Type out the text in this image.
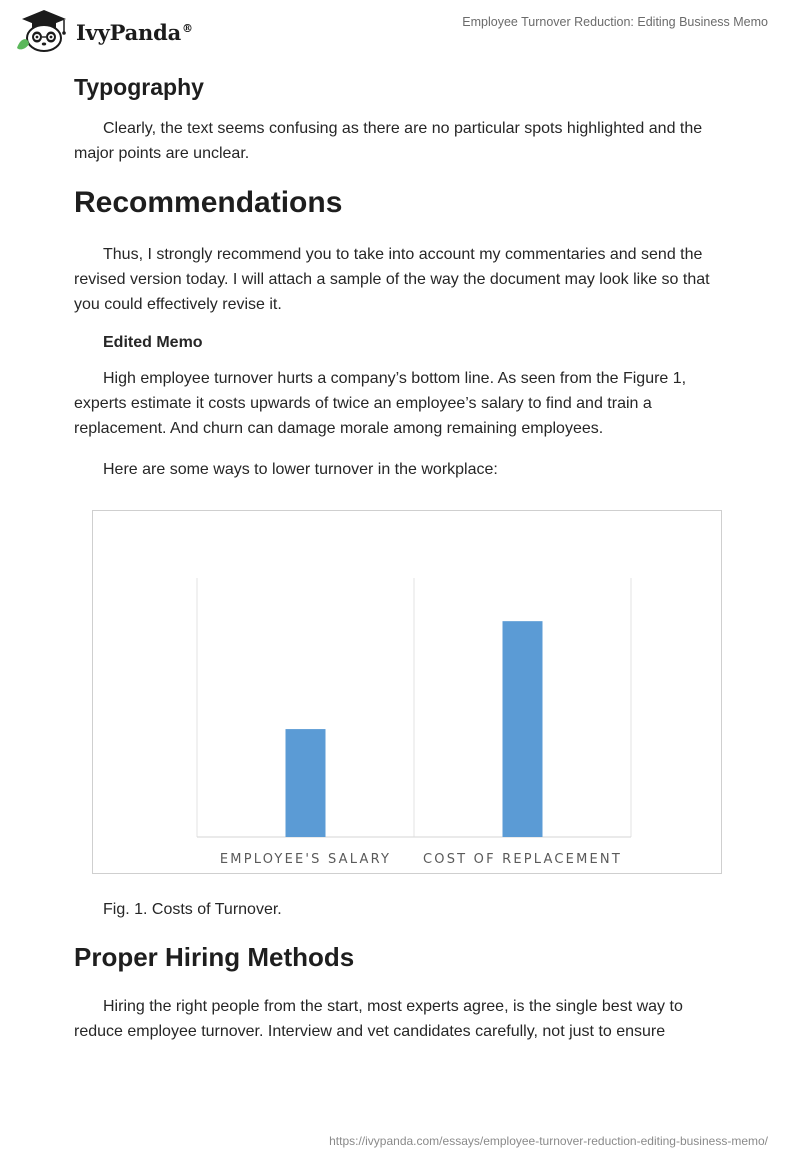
IvyPanda®	Employee Turnover Reduction: Editing Business Memo
Typography

Clearly, the text seems confusing as there are no particular spots highlighted and the major points are unclear.

Recommendations

Thus, I strongly recommend you to take into account my commentaries and send the revised version today. I will attach a sample of the way the document may look like so that you could effectively revise it.

Edited Memo

High employee turnover hurts a company’s bottom line. As seen from the Figure 1, experts estimate it costs upwards of twice an employee’s salary to find and train a replacement. And churn can damage morale among remaining employees.

Here are some ways to lower turnover in the workplace:

EMPLOYEE'S SALARY COST OF REPLACEMENT

Fig. 1. Costs of Turnover.

Proper Hiring Methods

Hiring the right people from the start, most experts agree, is the single best way to reduce employee turnover. Interview and vet candidates carefully, not just to ensure

https://ivypanda.com/essays/employee-turnover-reduction-editing-business-memo/
